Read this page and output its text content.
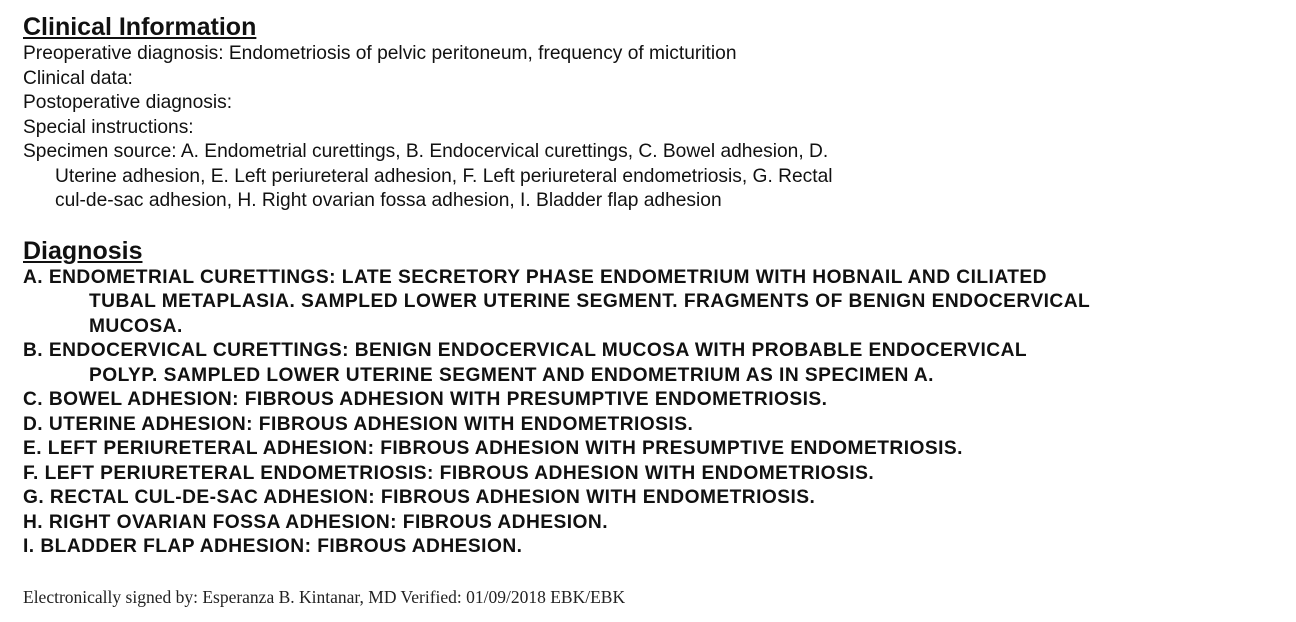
Clinical Information

Preoperative diagnosis: Endometriosis of pelvic peritoneum, frequency of micturition

Clinical data:

Postoperative diagnosis:

Special instructions:

Specimen source: A. Endometrial curettings, B. Endocervical curettings, C. Bowel adhesion, D.
Uterine adhesion, E. Left periureteral adhesion, F. Left periureteral endometriosis, G. Rectal
cul-de-sac adhesion, H. Right ovarian fossa adhesion, I. Bladder flap adhesion

Diagnosis
A. ENDOMETRIAL CURETTINGS: LATE SECRETORY PHASE ENDOMETRIUM WITH HOBNAIL AND CILIATED
TUBAL METAPLASIA. SAMPLED LOWER UTERINE SEGMENT. FRAGMENTS OF BENIGN ENDOCERVICAL
MUCOSA.
B. ENDOCERVICAL CURETTINGS: BENIGN ENDOCERVICAL MUCOSA WITH PROBABLE ENDOCERVICAL
POLYP. SAMPLED LOWER UTERINE SEGMENT AND ENDOMETRIUM AS IN SPECIMEN A.
C. BOWEL ADHESION: FIBROUS ADHESION WITH PRESUMPTIVE ENDOMETRIOSIS.
D. UTERINE ADHESION: FIBROUS ADHESION WITH ENDOMETRIOSIS.
E. LEFT PERIURETERAL ADHESION: FIBROUS ADHESION WITH PRESUMPTIVE ENDOMETRIOSIS.
F. LEFT PERIURETERAL ENDOMETRIOSIS: FIBROUS ADHESION WITH ENDOMETRIOSIS.
G. RECTAL CUL-DE-SAC ADHESION: FIBROUS ADHESION WITH ENDOMETRIOSIS.
H. RIGHT OVARIAN FOSSA ADHESION: FIBROUS ADHESION.
I. BLADDER FLAP ADHESION: FIBROUS ADHESION.
Electronically signed by: Esperanza B. Kintanar, MD Verified: 01/09/2018 EBK/EBK
